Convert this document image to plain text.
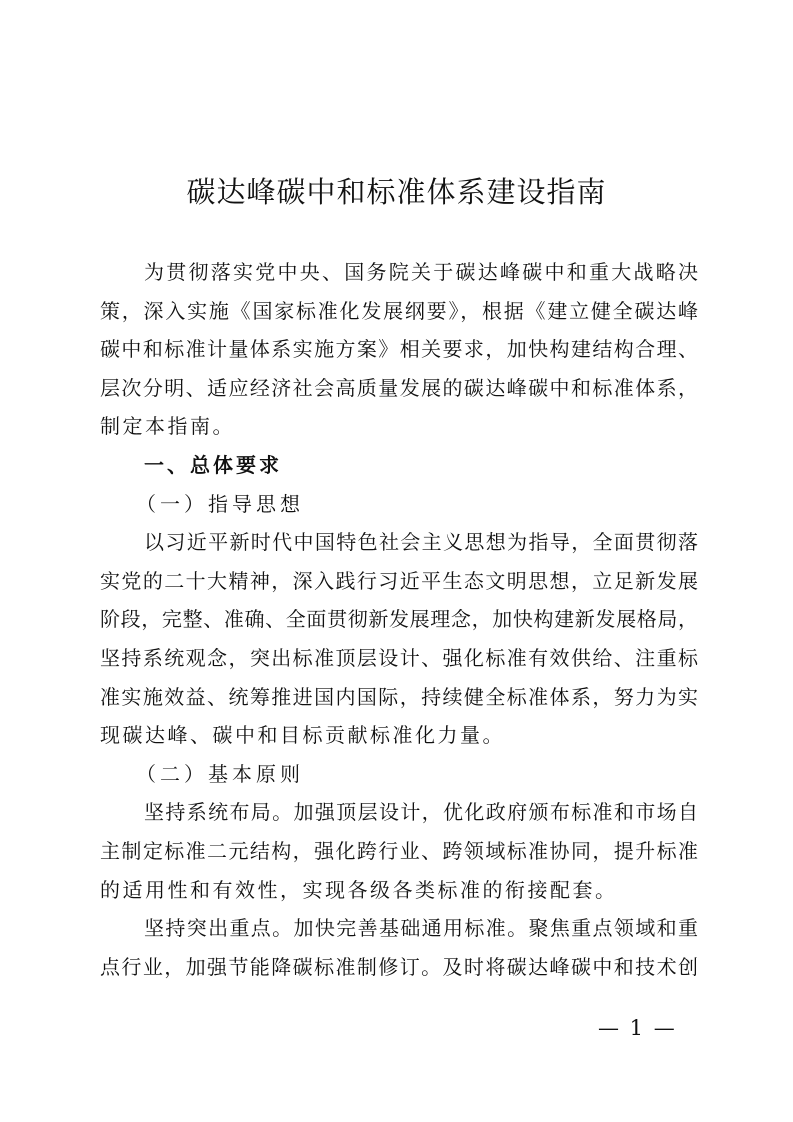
碳达峰碳中和标准体系建设指南
为贯彻落实党中央、国务院关于碳达峰碳中和重大战略决
策，深入实施《国家标准化发展纲要》，根据《建立健全碳达峰
碳中和标准计量体系实施方案》相关要求，加快构建结构合理、
层次分明、适应经济社会高质量发展的碳达峰碳中和标准体系，
制定本指南。
一、总体要求
（一）指导思想
以习近平新时代中国特色社会主义思想为指导，全面贯彻落
实党的二十大精神，深入践行习近平生态文明思想，立足新发展
阶段，完整、准确、全面贯彻新发展理念，加快构建新发展格局，
坚持系统观念，突出标准顶层设计、强化标准有效供给、注重标
准实施效益、统筹推进国内国际，持续健全标准体系，努力为实
现碳达峰、碳中和目标贡献标准化力量。
（二）基本原则
坚持系统布局。加强顶层设计，优化政府颁布标准和市场自
主制定标准二元结构，强化跨行业、跨领域标准协同，提升标准
的适用性和有效性，实现各级各类标准的衔接配套。
坚持突出重点。加快完善基础通用标准。聚焦重点领域和重
点行业，加强节能降碳标准制修订。及时将碳达峰碳中和技术创
— 1 —
